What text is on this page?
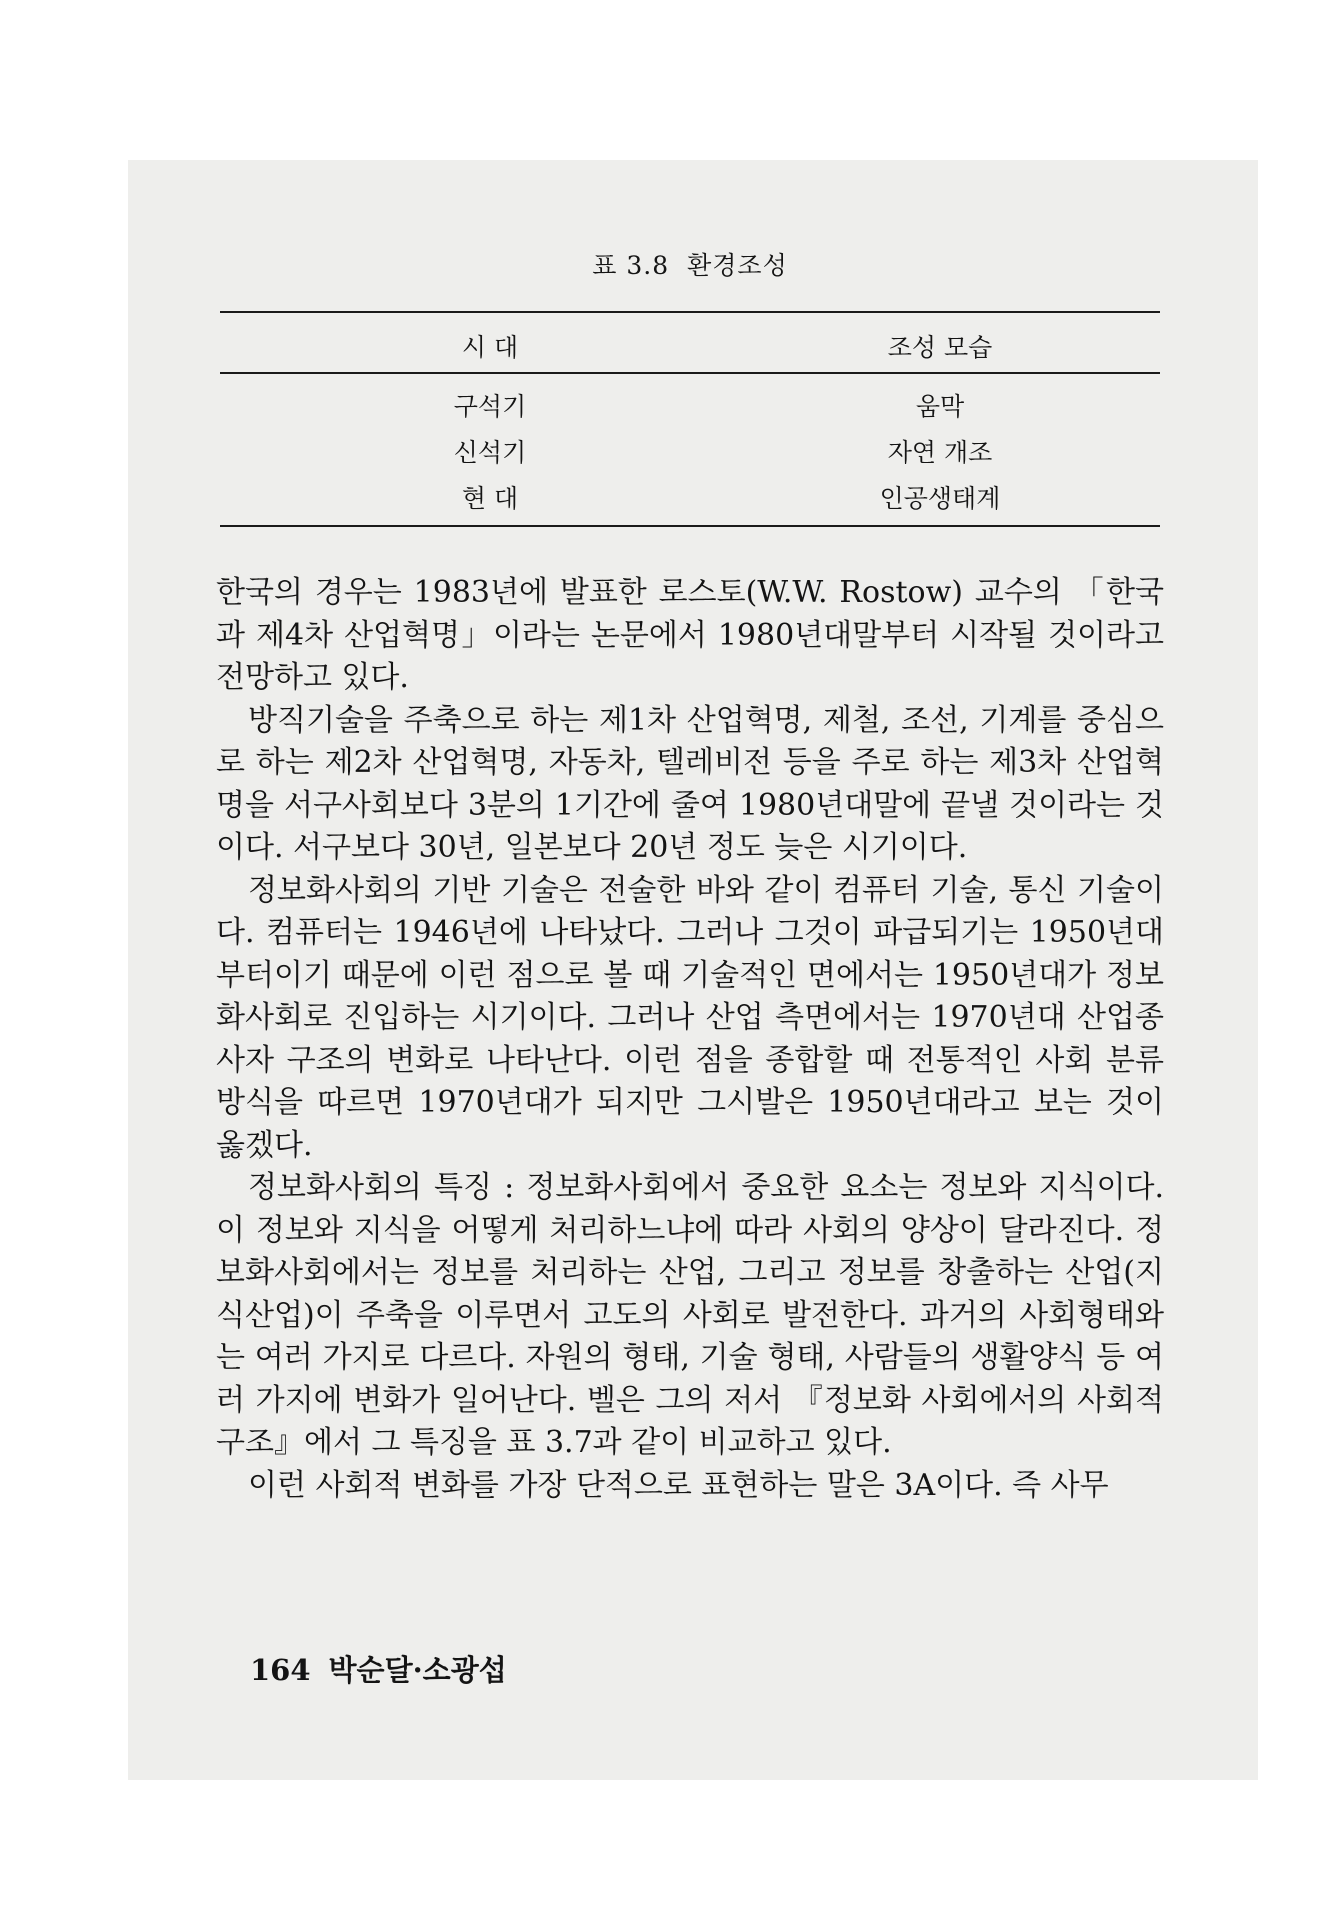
표 3.8 환경조성
시 대	조성 모습
구석기	움막
신석기	자연 개조
현 대	인공생태계

한국의 경우는 1983년에 발표한 로스토(W.W. Rostow) 교수의 「한국과 제4차 산업혁명」이라는 논문에서 1980년대말부터 시작될 것이라고 전망하고 있다.

방직기술을 주축으로 하는 제1차 산업혁명, 제철, 조선, 기계를 중심으로 하는 제2차 산업혁명, 자동차, 텔레비전 등을 주로 하는 제3차 산업혁명을 서구사회보다 3분의 1기간에 줄여 1980년대말에 끝낼 것이라는 것이다. 서구보다 30년, 일본보다 20년 정도 늦은 시기이다.

정보화사회의 기반 기술은 전술한 바와 같이 컴퓨터 기술, 통신 기술이다. 컴퓨터는 1946년에 나타났다. 그러나 그것이 파급되기는 1950년대부터이기 때문에 이런 점으로 볼 때 기술적인 면에서는 1950년대가 정보화사회로 진입하는 시기이다. 그러나 산업 측면에서는 1970년대 산업종사자 구조의 변화로 나타난다. 이런 점을 종합할 때 전통적인 사회 분류 방식을 따르면 1970년대가 되지만 그시발은 1950년대라고 보는 것이 옳겠다.

정보화사회의 특징 : 정보화사회에서 중요한 요소는 정보와 지식이다. 이 정보와 지식을 어떻게 처리하느냐에 따라 사회의 양상이 달라진다. 정보화사회에서는 정보를 처리하는 산업, 그리고 정보를 창출하는 산업(지식산업)이 주축을 이루면서 고도의 사회로 발전한다. 과거의 사회형태와는 여러 가지로 다르다. 자원의 형태, 기술 형태, 사람들의 생활양식 등 여러 가지에 변화가 일어난다. 벨은 그의 저서 『정보화 사회에서의 사회적 구조』에서 그 특징을 표 3.7과 같이 비교하고 있다.

이런 사회적 변화를 가장 단적으로 표현하는 말은 3A이다. 즉 사무

164 박순달·소광섭
